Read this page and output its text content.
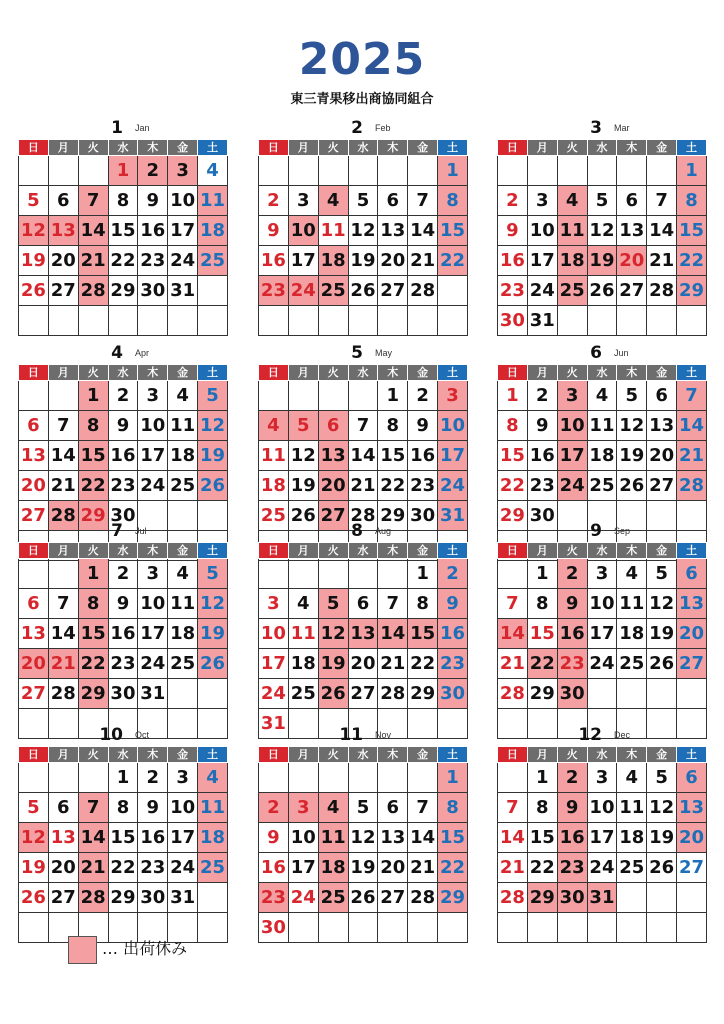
2025
東三青果移出商協同組合
1 Jan
日	月	火	水	木	金	土
			1	2	3	4
5	6	7	8	9	10	11
12	13	14	15	16	17	18
19	20	21	22	23	24	25
26	27	28	29	30	31	

2 Feb
日	月	火	水	木	金	土
						1
2	3	4	5	6	7	8
9	10	11	12	13	14	15
16	17	18	19	20	21	22
23	24	25	26	27	28	

3 Mar
日	月	火	水	木	金	土
						1
2	3	4	5	6	7	8
9	10	11	12	13	14	15
16	17	18	19	20	21	22
23	24	25	26	27	28	29
30	31					
4 Apr
日	月	火	水	木	金	土
		1	2	3	4	5
6	7	8	9	10	11	12
13	14	15	16	17	18	19
20	21	22	23	24	25	26
27	28	29	30			

5 May
日	月	火	水	木	金	土
				1	2	3
4	5	6	7	8	9	10
11	12	13	14	15	16	17
18	19	20	21	22	23	24
25	26	27	28	29	30	31

6 Jun
日	月	火	水	木	金	土
1	2	3	4	5	6	7
8	9	10	11	12	13	14
15	16	17	18	19	20	21
22	23	24	25	26	27	28
29	30					

7 Jul
日	月	火	水	木	金	土
		1	2	3	4	5
6	7	8	9	10	11	12
13	14	15	16	17	18	19
20	21	22	23	24	25	26
27	28	29	30	31		

8 Aug
日	月	火	水	木	金	土
					1	2
3	4	5	6	7	8	9
10	11	12	13	14	15	16
17	18	19	20	21	22	23
24	25	26	27	28	29	30
31						
9 Sep
日	月	火	水	木	金	土
	1	2	3	4	5	6
7	8	9	10	11	12	13
14	15	16	17	18	19	20
21	22	23	24	25	26	27
28	29	30				

10 Oct
日	月	火	水	木	金	土
			1	2	3	4
5	6	7	8	9	10	11
12	13	14	15	16	17	18
19	20	21	22	23	24	25
26	27	28	29	30	31	

11 Nov
日	月	火	水	木	金	土
						1
2	3	4	5	6	7	8
9	10	11	12	13	14	15
16	17	18	19	20	21	22
23	24	25	26	27	28	29
30						
12 Dec
日	月	火	水	木	金	土
	1	2	3	4	5	6
7	8	9	10	11	12	13
14	15	16	17	18	19	20
21	22	23	24	25	26	27
28	29	30	31			

… 出荷休み
